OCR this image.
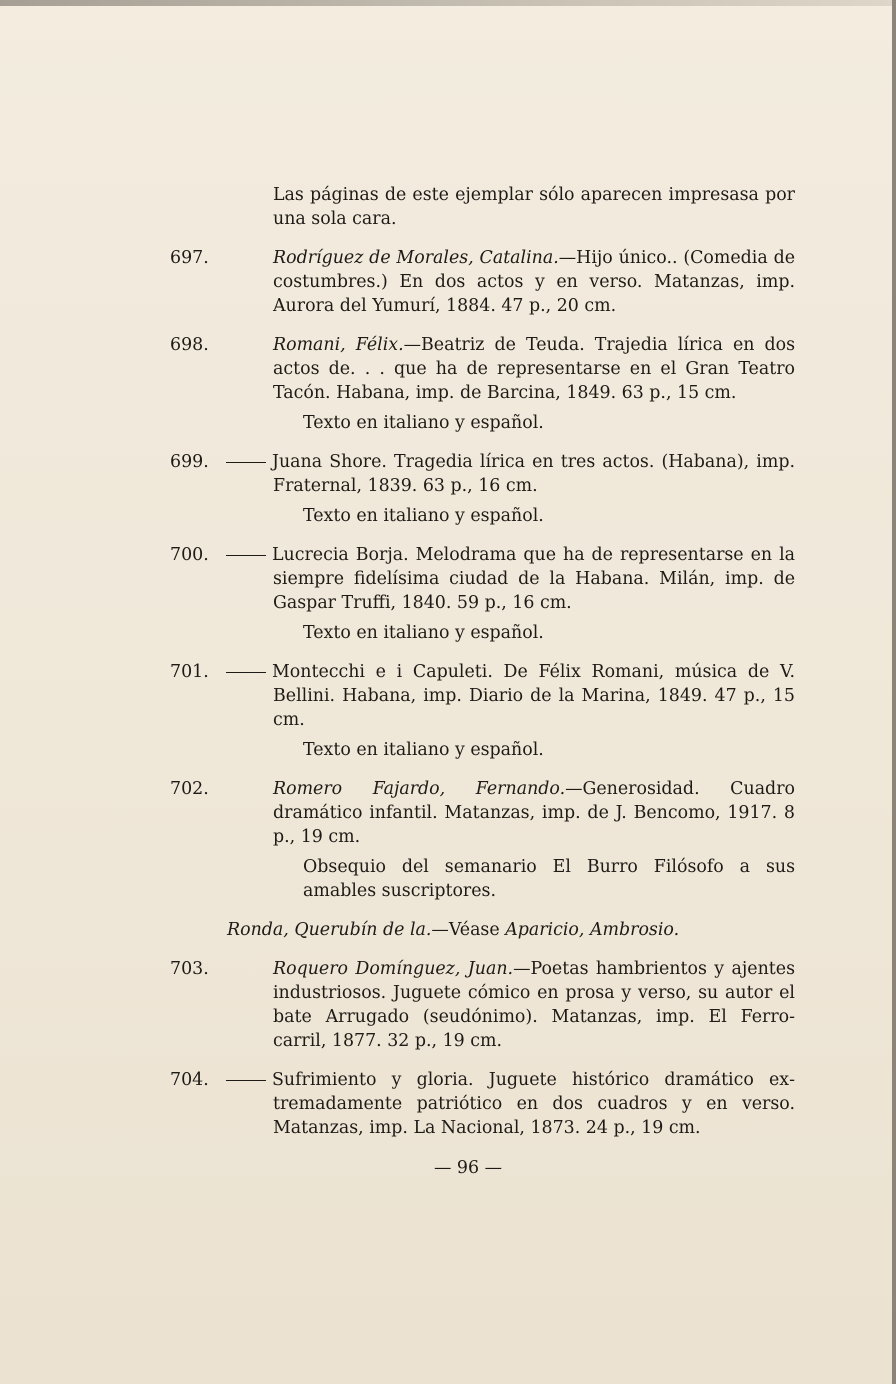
Las páginas de este ejemplar sólo aparecen impresasa por una sola cara.
697.	Rodríguez de Morales, Catalina.—Hijo único.. (Comedia de costumbres.) En dos actos y en verso. Matanzas, imp. Aurora del Yumurí, 1884. 47 p., 20 cm.
698.	Romani, Félix.—Beatriz de Teuda. Trajedia lírica en dos actos de. . . que ha de representarse en el Gran Teatro Tacón. Habana, imp. de Barcina, 1849. 63 p., 15 cm.
Texto en italiano y español.
699.	Juana Shore. Tragedia lírica en tres actos. (Habana), imp. Fraternal, 1839. 63 p., 16 cm.
Texto en italiano y español.
700.	Lucrecia Borja. Melodrama que ha de representarse en la siempre fidelísima ciudad de la Habana. Milán, imp. de Gaspar Truffi, 1840. 59 p., 16 cm.
Texto en italiano y español.
701.	Montecchi e i Capuleti. De Félix Romani, música de V. Bellini. Habana, imp. Diario de la Marina, 1849. 47 p., 15 cm.
Texto en italiano y español.
702.	Romero Fajardo, Fernando.—Generosidad. Cuadro dramático infantil. Matanzas, imp. de J. Bencomo, 1917. 8 p., 19 cm.
Obsequio del semanario El Burro Filósofo a sus amables suscriptores.
Ronda, Querubín de la.—Véase Aparicio, Ambrosio.
703.	Roquero Domínguez, Juan.—Poetas hambrientos y ajentes industriosos. Juguete cómico en prosa y verso, su autor el bate Arrugado (seudónimo). Matanzas, imp. El Ferro-carril, 1877. 32 p., 19 cm.
704.	Sufrimiento y gloria. Juguete histórico dramático extremadamente patriótico en dos cuadros y en verso. Matanzas, imp. La Nacional, 1873. 24 p., 19 cm.
— 96 —
